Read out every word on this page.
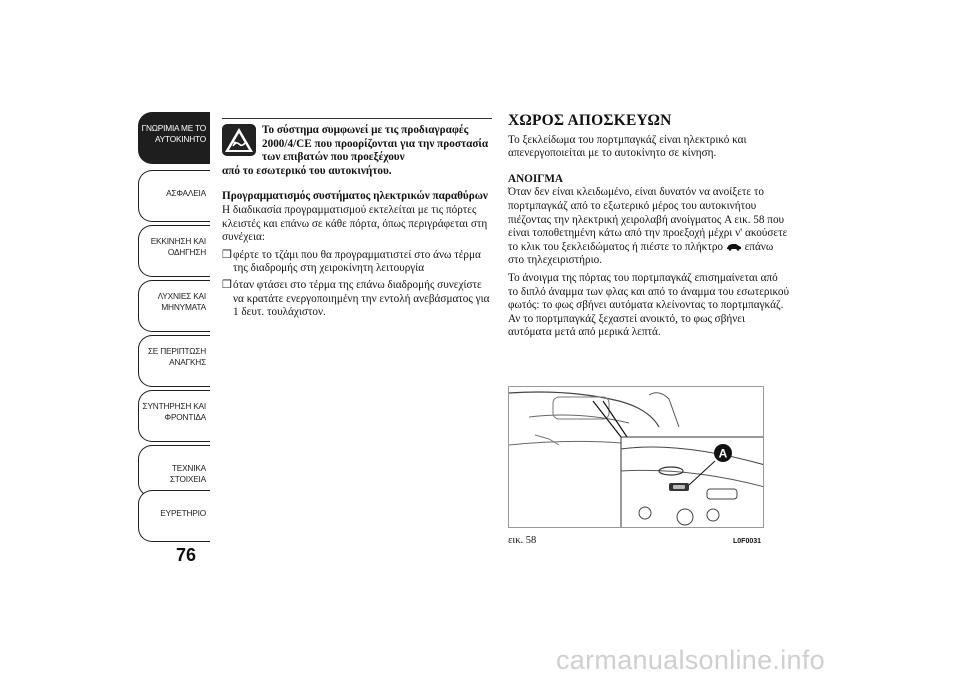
ΓΝΩΡΙΜΙΑ ΜΕ ΤΟ
ΑΥΤΟΚΙΝΗΤΟ
ΑΣΦΑΛΕΙΑ
ΕΚΚΙΝΗΣΗ ΚΑΙ
ΟΔΗΓΗΣΗ
ΛΥΧΝΙΕΣ ΚΑΙ
ΜΗΝΥΜΑΤΑ
ΣΕ ΠΕΡΙΠΤΩΣΗ
ΑΝΑΓΚΗΣ
ΣΥΝΤΗΡΗΣΗ ΚΑΙ
ΦΡΟΝΤΙΔΑ
ΤΕΧΝΙΚΑ ΣΤΟΙΧΕΙΑ
ΕΥΡΕΤΗΡΙΟ
76
Το σύστημα συμφωνεί με τις προδιαγραφές 2000/4/CE που προορίζονται για την προστασία των επιβατών που προεξέχουν
από το εσωτερικό του αυτοκινήτου.
Προγραμματισμός συστήματος ηλεκτρικών παραθύρων
Η διαδικασία προγραμματισμού εκτελείται με τις πόρτες κλειστές και επάνω σε κάθε πόρτα, όπως περιγράφεται στη συνέχεια:
❒ φέρτε το τζάμι που θα προγραμματιστεί στο άνω τέρμα της διαδρομής στη χειροκίνητη λειτουργία
❒ όταν φτάσει στο τέρμα της επάνω διαδρομής συνεχίστε να κρατάτε ενεργοποιημένη την εντολή ανεβάσματος για 1 δευτ. τουλάχιστον.
ΧΩΡΟΣ ΑΠΟΣΚΕΥΩΝ
Το ξεκλείδωμα του πορτμπαγκάζ είναι ηλεκτρικό και απενεργοποιείται με το αυτοκίνητο σε κίνηση.
ΑΝΟΙΓΜΑ
Όταν δεν είναι κλειδωμένο, είναι δυνατόν να ανοίξετε το πορτμπαγκάζ από το εξωτερικό μέρος του αυτοκινήτου πιέζοντας την ηλεκτρική χειρολαβή ανοίγματος A εικ. 58 που είναι τοποθετημένη κάτω από την προεξοχή μέχρι ν' ακούσετε το κλικ του ξεκλειδώματος ή πιέστε το πλήκτρο επάνω στο τηλεχειριστήριο.
Το άνοιγμα της πόρτας του πορτμπαγκάζ επισημαίνεται από το διπλό άναμμα των φλας και από το άναμμα του εσωτερικού φωτός: το φως σβήνει αυτόματα κλείνοντας το πορτμπαγκάζ. Αν το πορτμπαγκάζ ξεχαστεί ανοικτό, το φως σβήνει αυτόματα μετά από μερικά λεπτά.
A
εικ. 58	L0F0031
carmanualsonline.info
